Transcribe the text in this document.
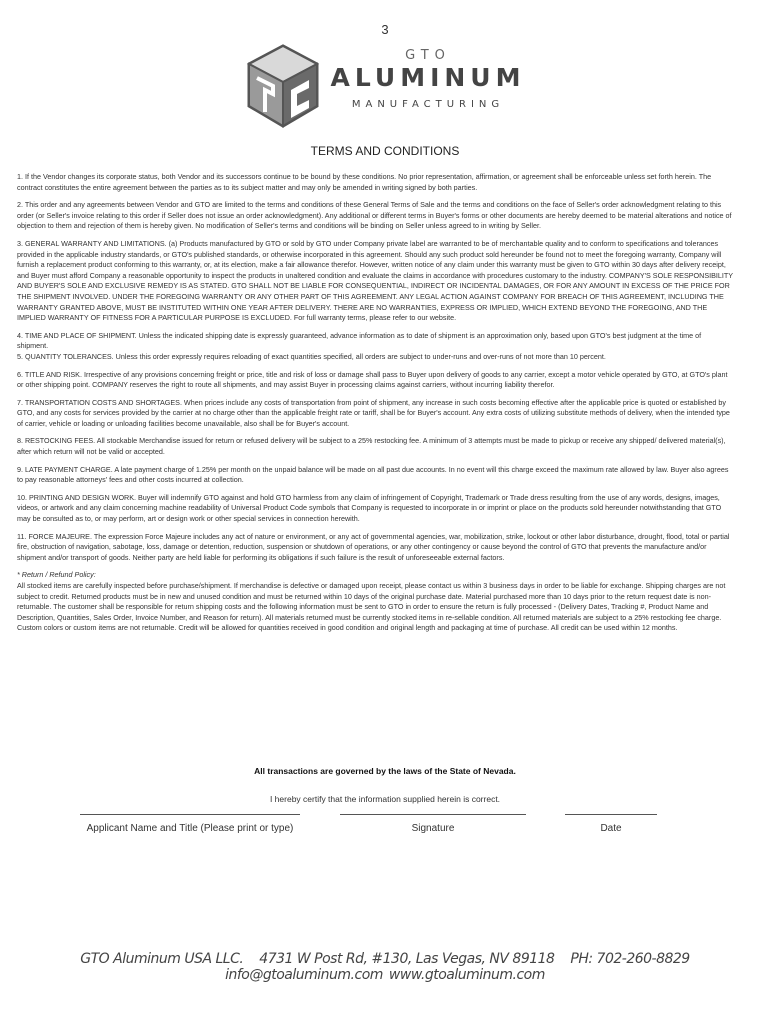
3
GTO
ALUMINUM
MANUFACTURING
TERMS AND CONDITIONS

1. If the Vendor changes its corporate status, both Vendor and its successors continue to be bound by these conditions. No prior representation, affirmation, or agreement shall be enforceable unless set forth herein. The contract constitutes the entire agreement between the parties as to its subject matter and may only be amended in writing signed by both parties.

2. This order and any agreements between Vendor and GTO are limited to the terms and conditions of these General Terms of Sale and the terms and conditions on the face of Seller's order acknowledgment relating to this order (or Seller's invoice relating to this order if Seller does not issue an order acknowledgment). Any additional or different terms in Buyer's forms or other documents are hereby deemed to be material alterations and notice of objection to them and rejection of them is hereby given. No modification of Seller's terms and conditions will be binding on Seller unless agreed to in writing by Seller.

3. GENERAL WARRANTY AND LIMITATIONS. (a) Products manufactured by GTO or sold by GTO under Company private label are warranted to be of merchantable quality and to conform to specifications and tolerances provided in the applicable industry standards, or GTO's published standards, or otherwise incorporated in this agreement. Should any such product sold hereunder be found not to meet the foregoing warranty, Company will furnish a replacement product conforming to this warranty, or, at its election, make a fair allowance therefor. However, written notice of any claim under this warranty must be given to GTO within 30 days after delivery receipt, and Buyer must afford Company a reasonable opportunity to inspect the products in unaltered condition and evaluate the claims in accordance with procedures customary to the industry. COMPANY'S SOLE RESPONSIBILITY AND BUYER'S SOLE AND EXCLUSIVE REMEDY IS AS STATED. GTO SHALL NOT BE LIABLE FOR CONSEQUENTIAL, INDIRECT OR INCIDENTAL DAMAGES, OR FOR ANY AMOUNT IN EXCESS OF THE PRICE FOR THE SHIPMENT INVOLVED. UNDER THE FOREGOING WARRANTY OR ANY OTHER PART OF THIS AGREEMENT. ANY LEGAL ACTION AGAINST COMPANY FOR BREACH OF THIS AGREEMENT, INCLUDING THE WARRANTY GRANTED ABOVE, MUST BE INSTITUTED WITHIN ONE YEAR AFTER DELIVERY. THERE ARE NO WARRANTIES, EXPRESS OR IMPLIED, WHICH EXTEND BEYOND THE FOREGOING, AND THE IMPLIED WARRANTY OF FITNESS FOR A PARTICULAR PURPOSE IS EXCLUDED. For full warranty terms, please refer to our website.

4. TIME AND PLACE OF SHIPMENT. Unless the indicated shipping date is expressly guaranteed, advance information as to date of shipment is an approximation only, based upon GTO's best judgment at the time of shipment.

5. QUANTITY TOLERANCES. Unless this order expressly requires reloading of exact quantities specified, all orders are subject to under-runs and over-runs of not more than 10 percent.

6. TITLE AND RISK. Irrespective of any provisions concerning freight or price, title and risk of loss or damage shall pass to Buyer upon delivery of goods to any carrier, except a motor vehicle operated by GTO, at GTO's plant or other shipping point. COMPANY reserves the right to route all shipments, and may assist Buyer in processing claims against carriers, without incurring liability therefor.

7. TRANSPORTATION COSTS AND SHORTAGES. When prices include any costs of transportation from point of shipment, any increase in such costs becoming effective after the applicable price is quoted or established by GTO, and any costs for services provided by the carrier at no charge other than the applicable freight rate or tariff, shall be for Buyer's account. Any extra costs of utilizing substitute methods of delivery, when the intended type of carrier, vehicle or loading or unloading facilities become unavailable, also shall be for Buyer's account.

8. RESTOCKING FEES. All stockable Merchandise issued for return or refused delivery will be subject to a 25% restocking fee. A minimum of 3 attempts must be made to pickup or receive any shipped/ delivered material(s), after which return will not be valid or accepted.

9. LATE PAYMENT CHARGE. A late payment charge of 1.25% per month on the unpaid balance will be made on all past due accounts. In no event will this charge exceed the maximum rate allowed by law. Buyer also agrees to pay reasonable attorneys' fees and other costs incurred at collection.

10. PRINTING AND DESIGN WORK. Buyer will indemnify GTO against and hold GTO harmless from any claim of infringement of Copyright, Trademark or Trade dress resulting from the use of any words, designs, images, videos, or artwork and any claim concerning machine readability of Universal Product Code symbols that Company is requested to incorporate in or imprint or place on the products sold hereunder notwithstanding that GTO may be consulted as to, or may perform, art or design work or other special services in connection herewith.

11. FORCE MAJEURE. The expression Force Majeure includes any act of nature or environment, or any act of governmental agencies, war, mobilization, strike, lockout or other labor disturbance, drought, flood, total or partial fire, obstruction of navigation, sabotage, loss, damage or detention, reduction, suspension or shutdown of operations, or any other contingency or cause beyond the control of GTO that prevents the manufacture and/or shipment and/or transport of goods. Neither party are held liable for performing its obligations if such failure is the result of unforeseeable external factors.

* Return / Refund Policy:

All stocked items are carefully inspected before purchase/shipment. If merchandise is defective or damaged upon receipt, please contact us within 3 business days in order to be liable for exchange. Shipping charges are not subject to credit. Returned products must be in new and unused condition and must be returned within 10 days of the original purchase date. Material purchased more than 10 days prior to the return request date is non-returnable. The customer shall be responsible for return shipping costs and the following information must be sent to GTO in order to ensure the return is fully processed - (Delivery Dates, Tracking #, Product Name and Description, Quantities, Sales Order, Invoice Number, and Reason for return). All materials returned must be currently stocked items in re-sellable condition. All returned materials are subject to a 25% restocking fee charge. Custom colors or custom items are not returnable. Credit will be allowed for quantities received in good condition and original length and packaging at time of purchase. All credit can be used within 12 months.

All transactions are governed by the laws of the State of Nevada.
I hereby certify that the information supplied herein is correct.
Applicant Name and Title (Please print or type)	Signature	Date
GTO Aluminum USA LLC. 4731 W Post Rd, #130, Las Vegas, NV 89118 PH: 702-260-8829 info@gtoaluminum.com www.gtoaluminum.com
